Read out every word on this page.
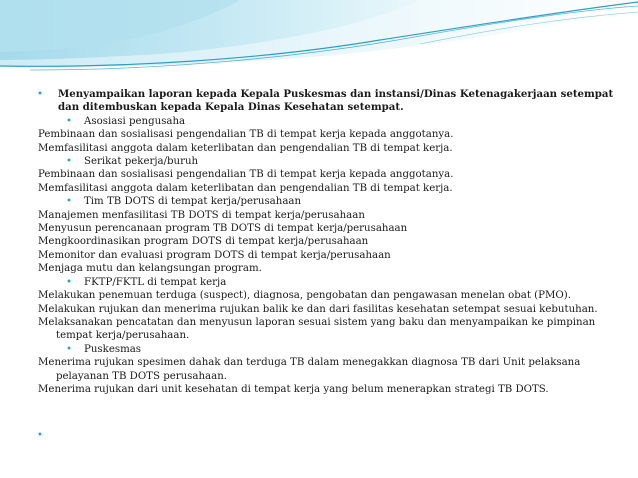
• Menyampaikan laporan kepada Kepala Puskesmas dan instansi/Dinas Ketenagakerjaan setempat dan ditembuskan kepada Kepala Dinas Kesehatan setempat.
• Asosiasi pengusaha
Pembinaan dan sosialisasi pengendalian TB di tempat kerja kepada anggotanya.
Memfasilitasi anggota dalam keterlibatan dan pengendalian TB di tempat kerja.
• Serikat pekerja/buruh
Pembinaan dan sosialisasi pengendalian TB di tempat kerja kepada anggotanya.
Memfasilitasi anggota dalam keterlibatan dan pengendalian TB di tempat kerja.
• Tim TB DOTS di tempat kerja/perusahaan
Manajemen menfasilitasi TB DOTS di tempat kerja/perusahaan
Menyusun perencanaan program TB DOTS di tempat kerja/perusahaan
Mengkoordinasikan program DOTS di tempat kerja/perusahaan
Memonitor dan evaluasi program DOTS di tempat kerja/perusahaan
Menjaga mutu dan kelangsungan program.
• FKTP/FKTL di tempat kerja
Melakukan penemuan terduga (suspect), diagnosa, pengobatan dan pengawasan menelan obat (PMO).
Melakukan rujukan dan menerima rujukan balik ke dan dari fasilitas kesehatan setempat sesuai kebutuhan.
Melaksanakan pencatatan dan menyusun laporan sesuai sistem yang baku dan menyampaikan ke pimpinan tempat kerja/perusahaan.
• Puskesmas
Menerima rujukan spesimen dahak dan terduga TB dalam menegakkan diagnosa TB dari Unit pelaksana pelayanan TB DOTS perusahaan.
Menerima rujukan dari unit kesehatan di tempat kerja yang belum menerapkan strategi TB DOTS.
•
